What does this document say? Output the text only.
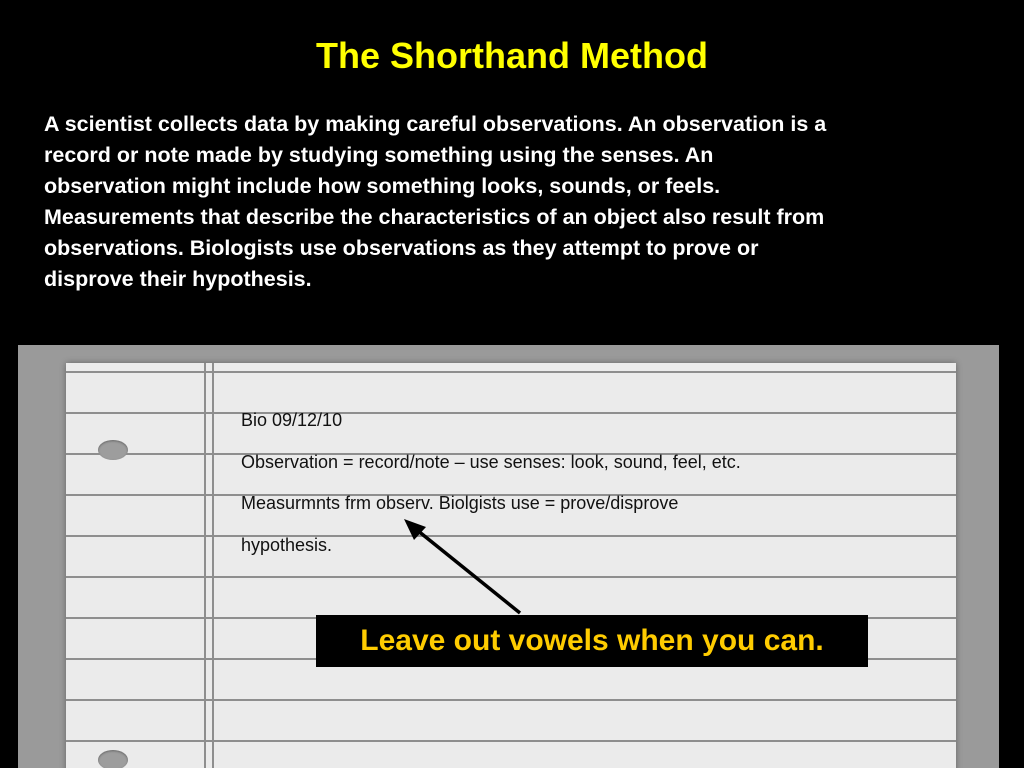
The Shorthand Method
A scientist collects data by making careful observations. An observation is a
record or note made by studying something using the senses. An
observation might include how something looks, sounds, or feels.
Measurements that describe the characteristics of an object also result from
observations. Biologists use observations as they attempt to prove or
disprove their hypothesis.
Bio 09/12/10
Observation = record/note – use senses: look, sound, feel, etc.
Measurmnts frm observ. Biolgists use = prove/disprove
hypothesis.
Leave out vowels when you can.
